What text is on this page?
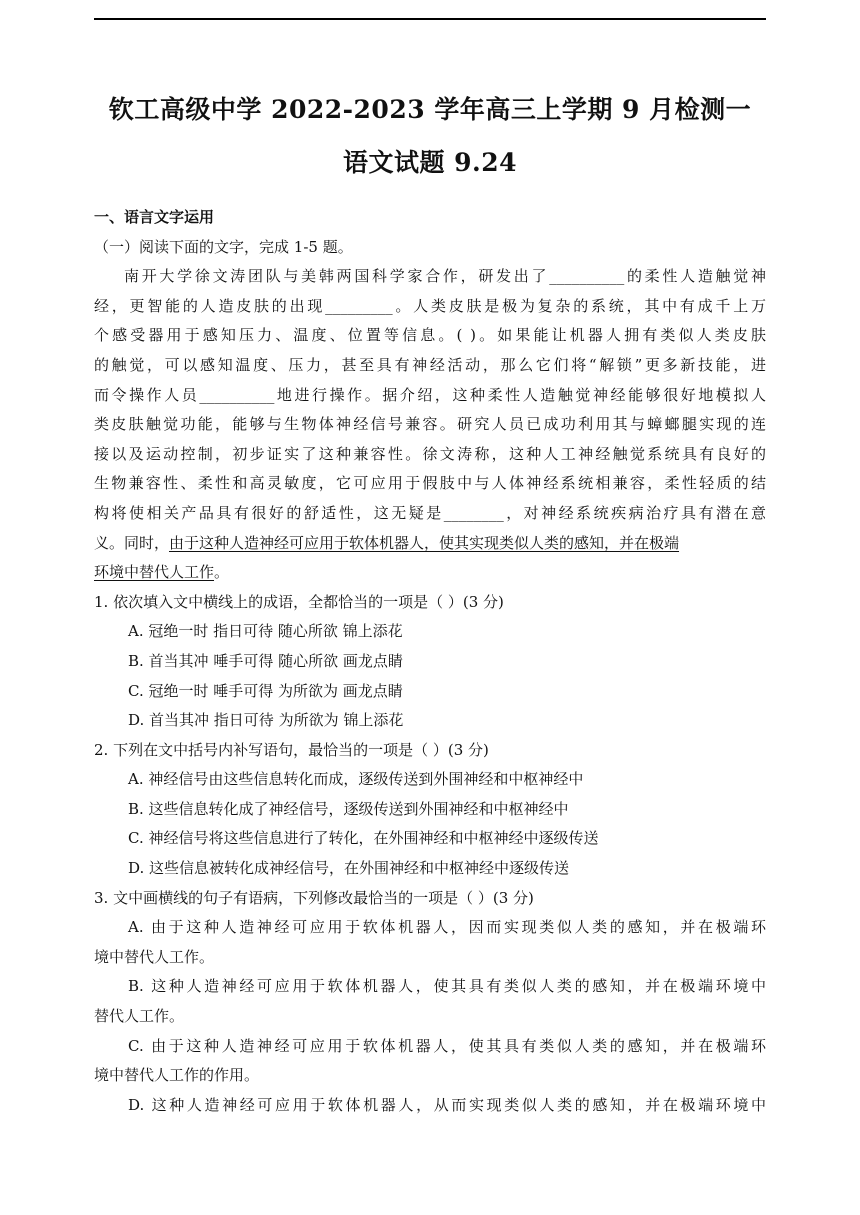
钦工高级中学 2022-2023 学年高三上学期 9 月检测一
语文试题 9.24

一、语言文字运用

（一）阅读下面的文字，完成 1-5 题。

南开大学徐文涛团队与美韩两国科学家合作，研发出了__________的柔性人造触觉神

经，更智能的人造皮肤的出现_________。人类皮肤是极为复杂的系统，其中有成千上万

个感受器用于感知压力、温度、位置等信息。( )。如果能让机器人拥有类似人类皮肤

的触觉，可以感知温度、压力，甚至具有神经活动，那么它们将“解锁”更多新技能，进

而令操作人员__________地进行操作。据介绍，这种柔性人造触觉神经能够很好地模拟人

类皮肤触觉功能，能够与生物体神经信号兼容。研究人员已成功利用其与蟑螂腿实现的连

接以及运动控制，初步证实了这种兼容性。徐文涛称，这种人工神经触觉系统具有良好的

生物兼容性、柔性和高灵敏度，它可应用于假肢中与人体神经系统相兼容，柔性轻质的结

构将使相关产品具有很好的舒适性，这无疑是________，对神经系统疾病治疗具有潜在意

义。同时，由于这种人造神经可应用于软体机器人，使其实现类似人类的感知，并在极端

环境中替代人工作。

1. 依次填入文中横线上的成语，全都恰当的一项是（ ）(3 分)

A. 冠绝一时 指日可待 随心所欲 锦上添花

B. 首当其冲 唾手可得 随心所欲 画龙点睛

C. 冠绝一时 唾手可得 为所欲为 画龙点睛

D. 首当其冲 指日可待 为所欲为 锦上添花

2. 下列在文中括号内补写语句，最恰当的一项是（ ）(3 分)

A. 神经信号由这些信息转化而成，逐级传送到外围神经和中枢神经中

B. 这些信息转化成了神经信号，逐级传送到外围神经和中枢神经中

C. 神经信号将这些信息进行了转化，在外围神经和中枢神经中逐级传送

D. 这些信息被转化成神经信号，在外围神经和中枢神经中逐级传送

3. 文中画横线的句子有语病，下列修改最恰当的一项是（ ）(3 分)

A. 由于这种人造神经可应用于软体机器人，因而实现类似人类的感知，并在极端环

境中替代人工作。

B. 这种人造神经可应用于软体机器人，使其具有类似人类的感知，并在极端环境中

替代人工作。

C. 由于这种人造神经可应用于软体机器人，使其具有类似人类的感知，并在极端环

境中替代人工作的作用。

D. 这种人造神经可应用于软体机器人，从而实现类似人类的感知，并在极端环境中
